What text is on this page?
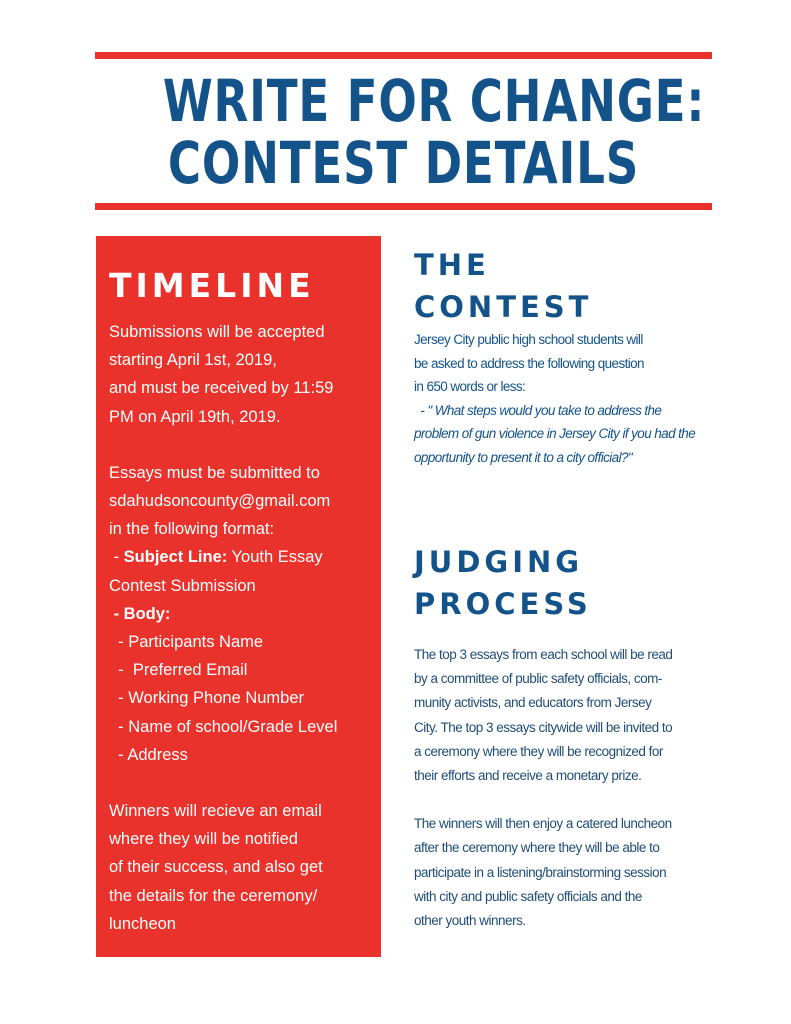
WRITE FOR CHANGE:
CONTEST DETAILS
TIMELINE
Submissions will be accepted
starting April 1st, 2019,
and must be received by 11:59
PM on April 19th, 2019.
Essays must be submitted to
sdahudsoncounty@gmail.com
in the following format:
- Subject Line: Youth Essay
Contest Submission
- Body:
- Participants Name
-  Preferred Email
- Working Phone Number
- Name of school/Grade Level
- Address
Winners will recieve an email
where they will be notified
of their success, and also get
the details for the ceremony/
luncheon
THE
CONTEST
Jersey City public high school students will
be asked to address the following question
in 650 words or less:
- " What steps would you take to address the
problem of gun violence in Jersey City if you had the
opportunity to present it to a city official?"
JUDGING
PROCESS
The top 3 essays from each school will be read
by a committee of public safety officials, com-
munity activists, and educators from Jersey
City. The top 3 essays citywide will be invited to
a ceremony where they will be recognized for
their efforts and receive a monetary prize.
The winners will then enjoy a catered luncheon
after the ceremony where they will be able to
participate in a listening/brainstorming session
with city and public safety officials and the
other youth winners.
